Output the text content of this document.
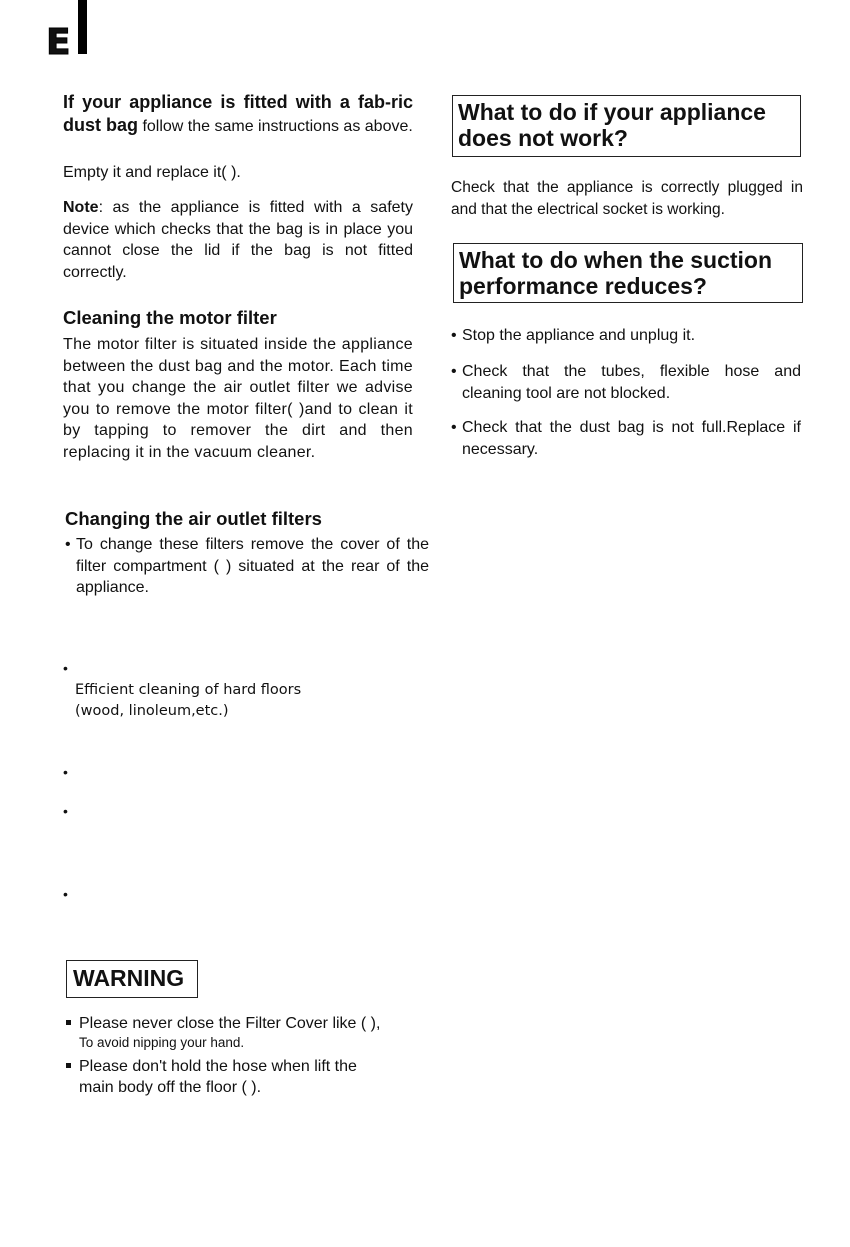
E
If your appliance is fitted with a fab-ric dust bag follow the same instructions as above.
Empty it and replace it( ).
Note: as the appliance is fitted with a safety device which checks that the bag is in place you cannot close the lid if the bag is not fitted correctly.
Cleaning the motor filter
The motor filter is situated inside the appliance between the dust bag and the motor. Each time that you change the air outlet filter we advise you to remove the motor filter( )and to clean it by tapping to remover the dirt and then replacing it in the vacuum cleaner.
Changing the air outlet filters
• To change these filters remove the cover of the filter compartment ( ) situated at the rear of the appliance.
•
Efficient cleaning of hard floors
(wood, linoleum,etc.)
•
•
•
WARNING
Please never close the Filter Cover like ( ),
To avoid nipping your hand.
Please don't hold the hose when lift the
main body off the floor ( ).
What to do if your appliance does not work?
Check that the appliance is correctly plugged in and that the electrical socket is working.
What to do when the suction performance reduces?
• Stop the appliance and unplug it.
• Check that the tubes, flexible hose and cleaning tool are not blocked.
• Check that the dust bag is not full.Replace if necessary.
